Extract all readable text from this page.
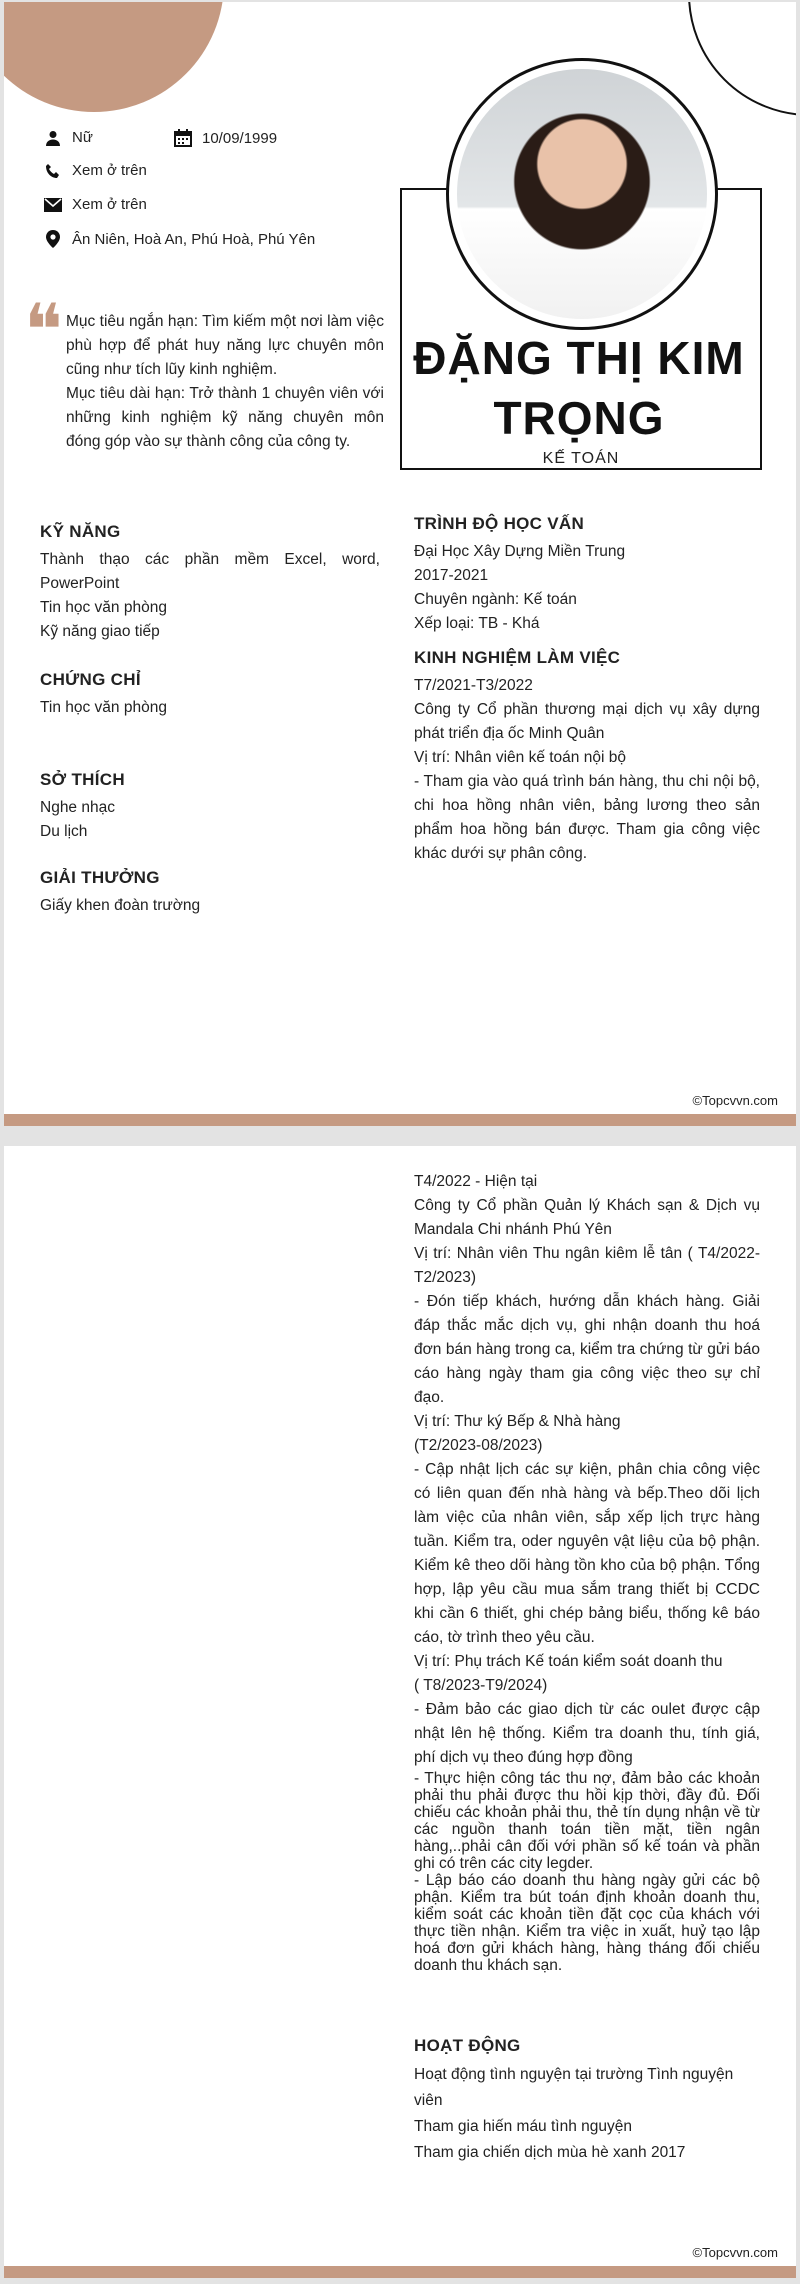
Nữ	10/09/1999
Xem ở trên
Xem ở trên
Ân Niên, Hoà An, Phú Hoà, Phú Yên
❝ Mục tiêu ngắn hạn: Tìm kiếm một nơi làm việc phù hợp để phát huy năng lực chuyên môn cũng như tích lũy kinh nghiệm.
Mục tiêu dài hạn: Trở thành 1 chuyên viên với những kinh nghiệm kỹ năng chuyên môn đóng góp vào sự thành công của công ty.
ĐẶNG THỊ KIM
TRỌNG
KẾ TOÁN
KỸ NĂNG
Thành thạo các phần mềm Excel, word, PowerPoint
Tin học văn phòng
Kỹ năng giao tiếp
CHỨNG CHỈ
Tin học văn phòng
SỞ THÍCH
Nghe nhạc
Du lịch
GIẢI THƯỞNG
Giấy khen đoàn trường
TRÌNH ĐỘ HỌC VẤN
Đại Học Xây Dựng Miền Trung
2017-2021
Chuyên ngành: Kế toán
Xếp loại: TB - Khá
KINH NGHIỆM LÀM VIỆC
T7/2021-T3/2022
Công ty Cổ phần thương mại dịch vụ xây dựng phát triển địa ốc Minh Quân
Vị trí: Nhân viên kế toán nội bộ
- Tham gia vào quá trình bán hàng, thu chi nội bộ, chi hoa hồng nhân viên, bảng lương theo sản phẩm hoa hồng bán được. Tham gia công việc khác dưới sự phân công.
©Topcvvn.com
T4/2022 - Hiện tại
Công ty Cổ phần Quản lý Khách sạn & Dịch vụ Mandala Chi nhánh Phú Yên
Vị trí: Nhân viên Thu ngân kiêm lễ tân ( T4/2022-T2/2023)
- Đón tiếp khách, hướng dẫn khách hàng. Giải đáp thắc mắc dịch vụ, ghi nhận doanh thu hoá đơn bán hàng trong ca, kiểm tra chứng từ gửi báo cáo hàng ngày tham gia công việc theo sự chỉ đạo.
Vị trí: Thư ký Bếp & Nhà hàng
(T2/2023-08/2023)
- Cập nhật lịch các sự kiện, phân chia công việc có liên quan đến nhà hàng và bếp.Theo dõi lịch làm việc của nhân viên, sắp xếp lịch trực hàng tuần. Kiểm tra, oder nguyên vật liệu của bộ phận. Kiểm kê theo dõi hàng tồn kho của bộ phận. Tổng hợp, lập yêu cầu mua sắm trang thiết bị CCDC khi cần 6 thiết, ghi chép bảng biểu, thống kê báo cáo, tờ trình theo yêu cầu.
Vị trí: Phụ trách Kế toán kiểm soát doanh thu
( T8/2023-T9/2024)
- Đảm bảo các giao dịch từ các oulet được cập nhật lên hệ thống. Kiểm tra doanh thu, tính giá, phí dịch vụ theo đúng hợp đồng
- Thực hiện công tác thu nợ, đảm bảo các khoản phải thu phải được thu hồi kịp thời, đầy đủ. Đối chiếu các khoản phải thu, thẻ tín dụng nhận về từ các nguồn thanh toán tiền mặt, tiền ngân hàng,..phải cân đối với phần số kế toán và phần ghi có trên các city legder.
- Lập báo cáo doanh thu hàng ngày gửi các bộ phận. Kiểm tra bút toán định khoản doanh thu, kiểm soát các khoản tiền đặt cọc của khách với thực tiền nhận. Kiểm tra việc in xuất, huỷ tạo lập hoá đơn gửi khách hàng, hàng tháng đối chiếu doanh thu khách sạn.
HOẠT ĐỘNG
Hoạt động tình nguyện tại trường Tình nguyện viên
Tham gia hiến máu tình nguyện
Tham gia chiến dịch mùa hè xanh 2017
©Topcvvn.com
